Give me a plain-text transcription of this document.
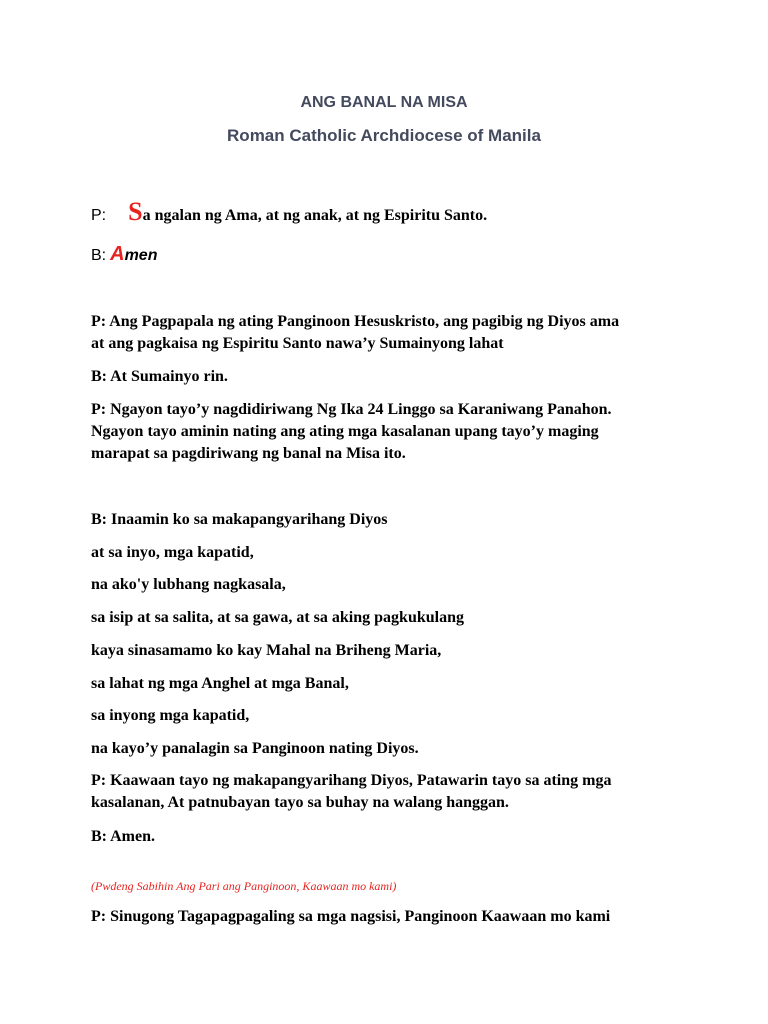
ANG BANAL NA MISA
Roman Catholic Archdiocese of Manila
P: Sa ngalan ng Ama, at ng anak, at ng Espiritu Santo.
B: Amen
P: Ang Pagpapala ng ating Panginoon Hesuskristo, ang pagibig ng Diyos ama
at ang pagkaisa ng Espiritu Santo nawa’y Sumainyong lahat
B: At Sumainyo rin.
P: Ngayon tayo’y nagdidiriwang Ng Ika 24 Linggo sa Karaniwang Panahon.
Ngayon tayo aminin nating ang ating mga kasalanan upang tayo’y maging
marapat sa pagdiriwang ng banal na Misa ito.
B: Inaamin ko sa makapangyarihang Diyos
at sa inyo, mga kapatid,
na ako'y lubhang nagkasala,
sa isip at sa salita, at sa gawa, at sa aking pagkukulang
kaya sinasamamo ko kay Mahal na Briheng Maria,
sa lahat ng mga Anghel at mga Banal,
sa inyong mga kapatid,
na kayo’y panalagin sa Panginoon nating Diyos.
P: Kaawaan tayo ng makapangyarihang Diyos, Patawarin tayo sa ating mga
kasalanan, At patnubayan tayo sa buhay na walang hanggan.
B: Amen.
(Pwdeng Sabihin Ang Pari ang Panginoon, Kaawaan mo kami)
P: Sinugong Tagapagpagaling sa mga nagsisi, Panginoon Kaawaan mo kami
